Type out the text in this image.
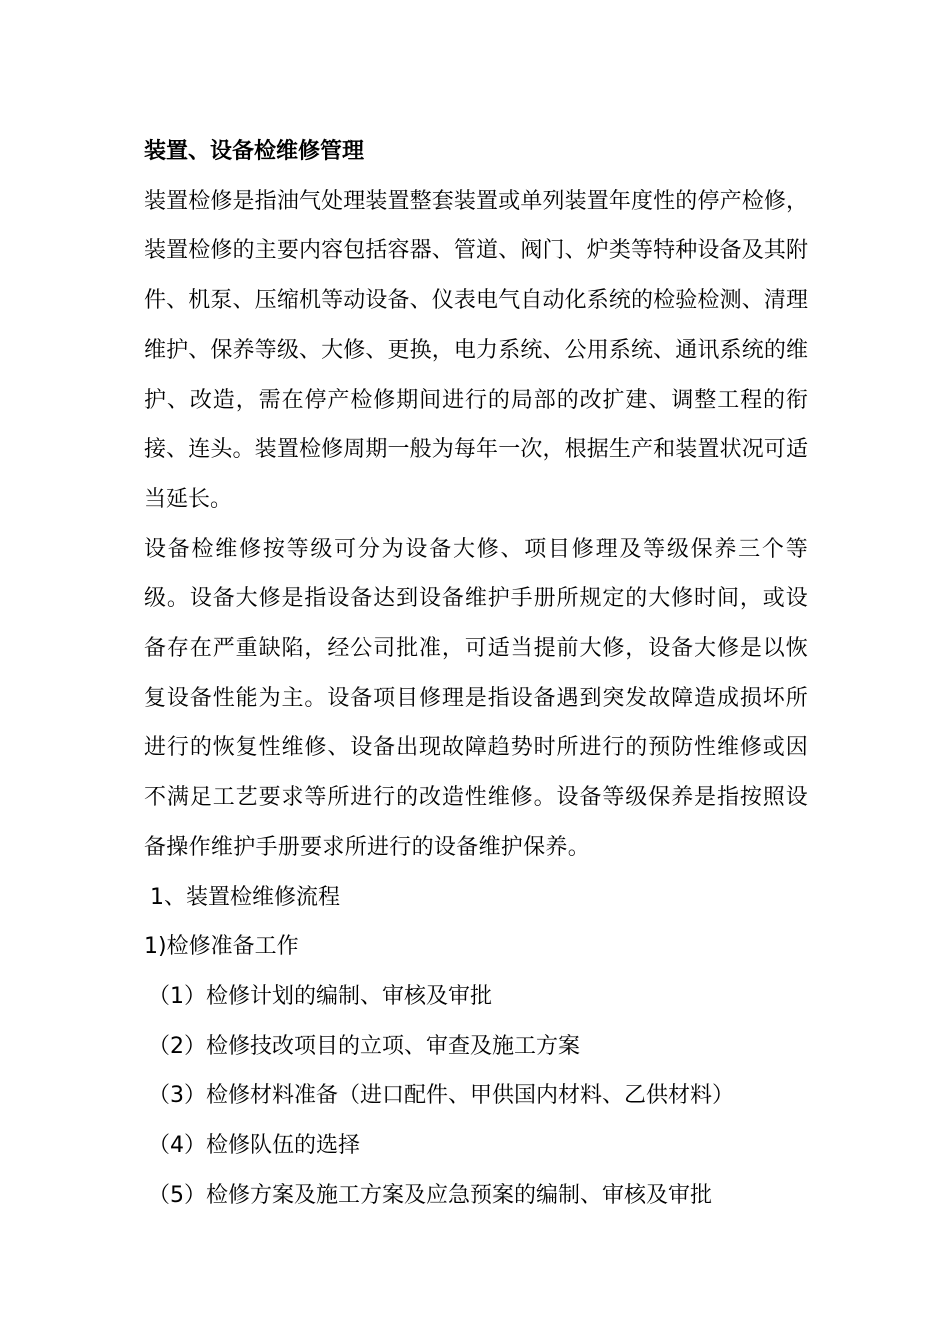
装置、设备检维修管理

装置检修是指油气处理装置整套装置或单列装置年度性的停产检修，装置检修的主要内容包括容器、管道、阀门、炉类等特种设备及其附件、机泵、压缩机等动设备、仪表电气自动化系统的检验检测、清理维护、保养等级、大修、更换，电力系统、公用系统、通讯系统的维护、改造，需在停产检修期间进行的局部的改扩建、调整工程的衔接、连头。装置检修周期一般为每年一次，根据生产和装置状况可适当延长。

设备检维修按等级可分为设备大修、项目修理及等级保养三个等级。设备大修是指设备达到设备维护手册所规定的大修时间，或设备存在严重缺陷，经公司批准，可适当提前大修，设备大修是以恢复设备性能为主。设备项目修理是指设备遇到突发故障造成损坏所进行的恢复性维修、设备出现故障趋势时所进行的预防性维修或因不满足工艺要求等所进行的改造性维修。设备等级保养是指按照设备操作维护手册要求所进行的设备维护保养。

1、装置检维修流程

1)检修准备工作

（1）检修计划的编制、审核及审批

（2）检修技改项目的立项、审查及施工方案

（3）检修材料准备（进口配件、甲供国内材料、乙供材料）

（4）检修队伍的选择

（5）检修方案及施工方案及应急预案的编制、审核及审批
